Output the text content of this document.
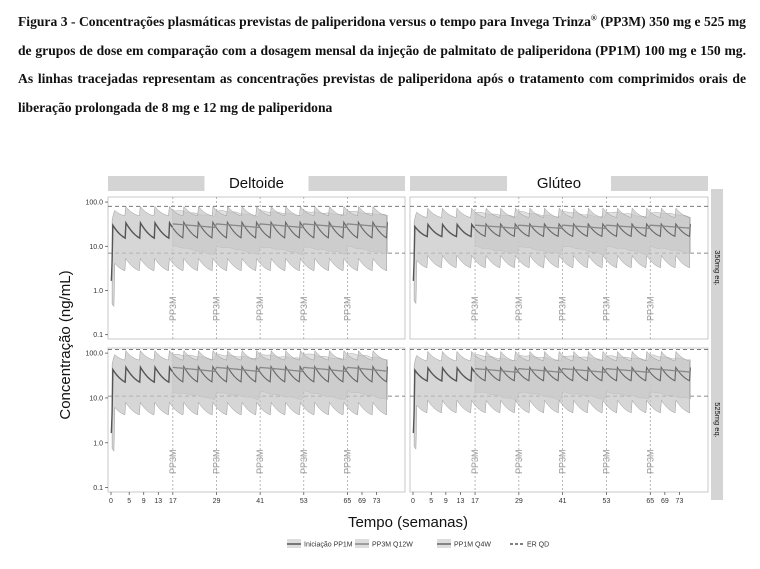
Figura 3 - Concentrações plasmáticas previstas de paliperidona versus o tempo para Invega Trinza® (PP3M) 350 mg e 525 mg de grupos de dose em comparação com a dosagem mensal da injeção de palmitato de paliperidona (PP1M) 100 mg e 150 mg. As linhas tracejadas representam as concentrações previstas de paliperidona após o tratamento com comprimidos orais de liberação prolongada de 8 mg e 12 mg de paliperidona

Deltoide	Glúteo
350mg eq.
525mg eq.
Concentração (ng/mL)
Tempo (semanas)
PP3M	PP3M	PP3M	PP3M	PP3M
0.1
1.0
10.0
100.0
PP3M	PP3M	PP3M	PP3M	PP3M
PP3M	PP3M	PP3M	PP3M	PP3M
0.1
1.0
10.0
100.0
0 5 9 13 17	29	41	53	65 69 73
PP3M	PP3M	PP3M	PP3M	PP3M
0 5 9 13 17	29	41	53	65 69 73
Iniciação PP1M	PP3M Q12W	PP1M Q4W	ER QD
